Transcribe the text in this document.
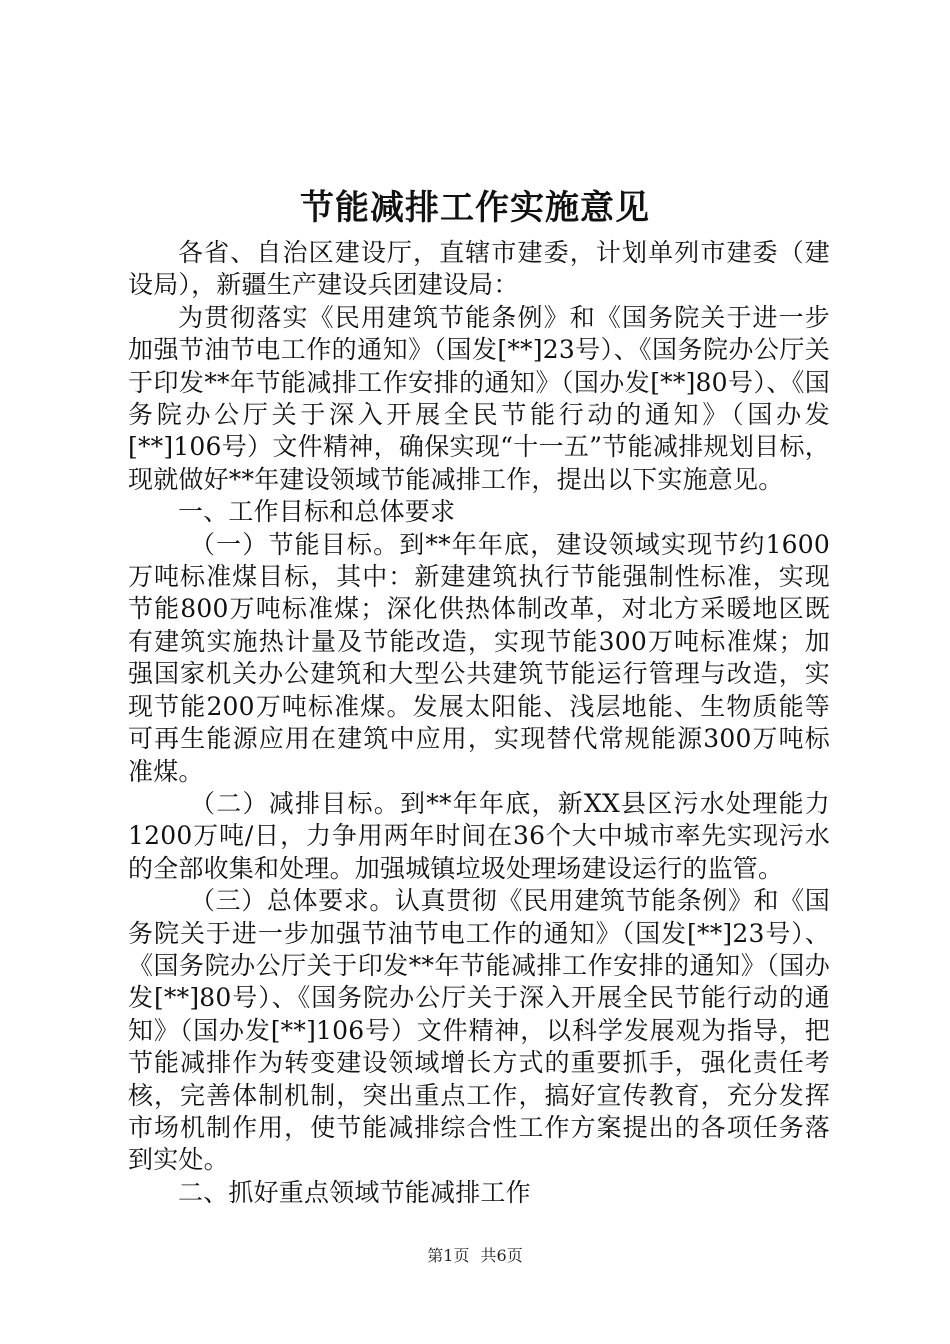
节能减排工作实施意见

各省、自治区建设厅，直辖市建委，计划单列市建委（建设局），新疆生产建设兵团建设局：

为贯彻落实《民用建筑节能条例》和《国务院关于进一步加强节油节电工作的通知》（国发[**]23号）、《国务院办公厅关于印发**年节能减排工作安排的通知》（国办发[**]80号）、《国务院办公厅关于深入开展全民节能行动的通知》（国办发[**]106号）文件精神，确保实现“十一五”节能减排规划目标，现就做好**年建设领域节能减排工作，提出以下实施意见。

一、工作目标和总体要求

（一）节能目标。到**年年底，建设领域实现节约1600万吨标准煤目标，其中：新建建筑执行节能强制性标准，实现节能800万吨标准煤；深化供热体制改革，对北方采暖地区既有建筑实施热计量及节能改造，实现节能300万吨标准煤；加强国家机关办公建筑和大型公共建筑节能运行管理与改造，实现节能200万吨标准煤。发展太阳能、浅层地能、生物质能等可再生能源应用在建筑中应用，实现替代常规能源300万吨标准煤。

（二）减排目标。到**年年底，新XX县区污水处理能力1200万吨/日，力争用两年时间在36个大中城市率先实现污水的全部收集和处理。加强城镇垃圾处理场建设运行的监管。

（三）总体要求。认真贯彻《民用建筑节能条例》和《国务院关于进一步加强节油节电工作的通知》（国发[**]23号）、《国务院办公厅关于印发**年节能减排工作安排的通知》（国办发[**]80号）、《国务院办公厅关于深入开展全民节能行动的通知》（国办发[**]106号）文件精神，以科学发展观为指导，把节能减排作为转变建设领域增长方式的重要抓手，强化责任考核，完善体制机制，突出重点工作，搞好宣传教育，充分发挥市场机制作用，使节能减排综合性工作方案提出的各项任务落到实处。

二、抓好重点领域节能减排工作

第1页 共6页
